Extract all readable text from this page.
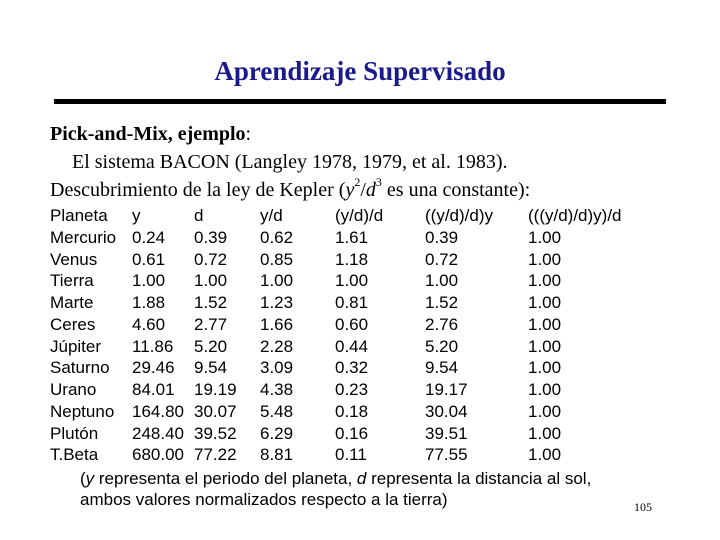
Aprendizaje Supervisado
Pick-and-Mix, ejemplo:
El sistema BACON (Langley 1978, 1979, et al. 1983).
Descubrimiento de la ley de Kepler ($y^2/d^3$ es una constante):
Planeta y	d	y/d	(y/d)/d ((y/d)/d)y (((y/d)/d)y)/d
Mercurio 0.24 0.39 0.62 1.61	0.39	1.00
Venus 0.61 0.72 0.85 1.18	0.72	1.00
Tierra 1.00 1.00 1.00 1.00	1.00	1.00
Marte 1.88 1.52 1.23 0.81	1.52	1.00
Ceres 4.60 2.77 1.66 0.60	2.76	1.00
Júpiter 11.86 5.20 2.28 0.44	5.20	1.00
Saturno 29.46 9.54 3.09 0.32	9.54	1.00
Urano 84.01 19.19 4.38 0.23	19.17	1.00
Neptuno 164.80 30.07 5.48 0.18	30.04	1.00
Plutón 248.40 39.52 6.29 0.16	39.51	1.00
T.Beta 680.00 77.22 8.81 0.11	77.55	1.00
(y representa el periodo del planeta, d representa la distancia al sol,
ambos valores normalizados respecto a la tierra)	105
